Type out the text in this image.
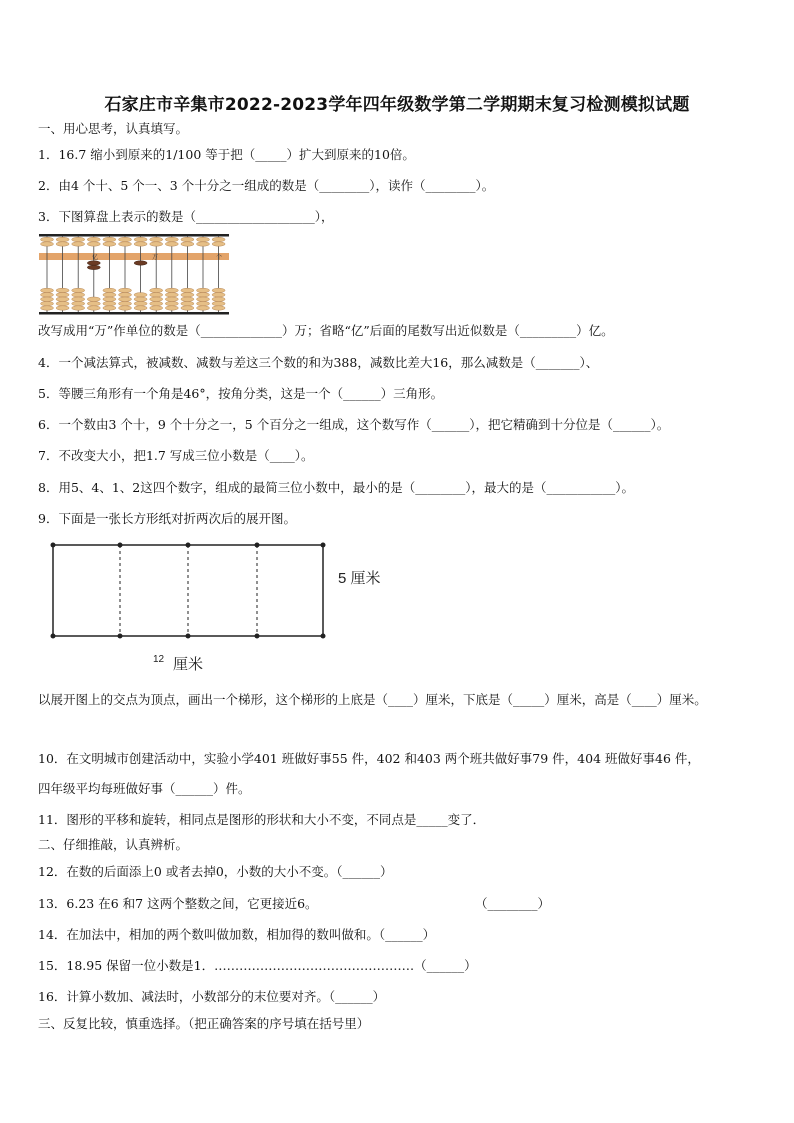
石家庄市辛集市2022-2023学年四年级数学第二学期期末复习检测模拟试题
一、用心思考，认真填写。
1．16.7 缩小到原来的1/100 等于把（_____）扩大到原来的10倍。
2．由4 个十、5 个一、3 个十分之一组成的数是（________），读作（________）。
3．下图算盘上表示的数是（___________________），
亿	万	个
改写成用“万”作单位的数是（_____________）万；省略“亿”后面的尾数写出近似数是（_________）亿。
4．一个减法算式，被减数、减数与差这三个数的和为388，减数比差大16，那么减数是（_______）、
5．等腰三角形有一个角是46°，按角分类，这是一个（______）三角形。
6．一个数由3 个十，9 个十分之一，5 个百分之一组成，这个数写作（______），把它精确到十分位是（______）。
7．不改变大小，把1.7 写成三位小数是（____）。
8．用5、4、1、2这四个数字，组成的最简三位小数中，最小的是（________），最大的是（___________）。
9．下面是一张长方形纸对折两次后的展开图。
5 厘米
12 厘米
以展开图上的交点为顶点，画出一个梯形，这个梯形的上底是（____）厘米，下底是（_____）厘米，高是（____）厘米。
10．在文明城市创建活动中，实验小学401 班做好事55 件，402 和403 两个班共做好事79 件，404 班做好事46 件，
四年级平均每班做好事（______）件。
11．图形的平移和旋转，相同点是图形的形状和大小不变，不同点是_____变了．
二、仔细推敲，认真辨析。
12．在数的后面添上0 或者去掉0，小数的大小不变。（______）
13．6.23 在6 和7 这两个整数之间，它更接近6。	（________）
14．在加法中，相加的两个数叫做加数，相加得的数叫做和。（______）
15．18.95 保留一位小数是1．…………………………………………（______）
16．计算小数加、减法时，小数部分的末位要对齐。（______）
三、反复比较，慎重选择。（把正确答案的序号填在括号里）
